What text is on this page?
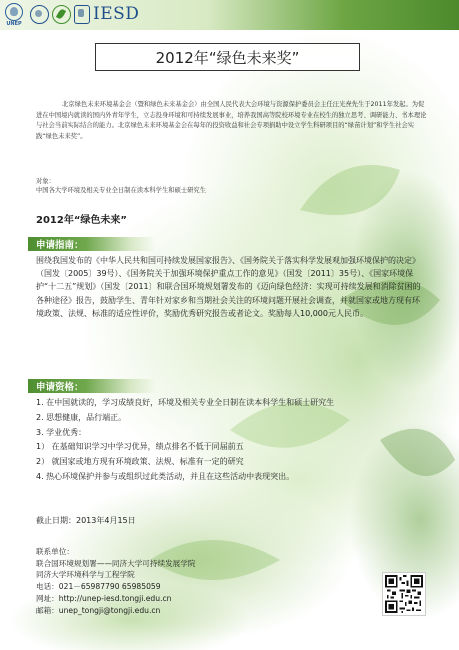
UNEP	IESD
2012年“绿色未来奖”
北京绿色未来环境基金会（暨和绿色未来基金会）由全国人民代表大会环境与资源保护委员会主任汪光焘先生于2011年发起。为促进在中国境内就读的国内外青年学生，立志投身环境和可持续发展事业，培养我国高等院校环境专业在校生的独立思考、调研能力、书本理论与社会当前实际结合的能力。北京绿色未来环境基金会在每年的投资收益和社会专项捐助中设立学生科研项目的“绿苗计划”和学生社会实践“绿色未来奖”。
对象：
中国各大学环境及相关专业全日制在读本科学生和硕士研究生
2012年“绿色未来”
申请指南：
围绕我国发布的《中华人民共和国可持续发展国家报告》、《国务院关于落实科学发展观加强环境保护的决定》（国发〔2005〕39号）、《国务院关于加强环境保护重点工作的意见》（国发〔2011〕35号）、《国家环境保护“十二五”规划》（国发〔2011〕和联合国环境规划署发布的《迈向绿色经济：实现可持续发展和消除贫困的各种途径》报告，鼓励学生、青年针对家乡和当期社会关注的环境问题开展社会调查，并就国家或地方现有环境政策、法规、标准的适应性评价，奖励优秀研究报告或者论文。奖励每人10,000元人民币。
申请资格：
1. 在中国就读的，学习成绩良好，环境及相关专业全日制在读本科学生和硕士研究生
2. 思想健康，品行端正。
3. 学业优秀：
1） 在基础知识学习中学习优异，绩点排名不低于同届前五
2） 就国家或地方现有环境政策、法规、标准有一定的研究
4. 热心环境保护并参与或组织过此类活动，并且在这些活动中表现突出。
截止日期：2013年4月15日
联系单位：
联合国环境规划署——同济大学可持续发展学院
同济大学环境科学与工程学院
电话：021－65987790 65985059
网址：http://unep-iesd.tongji.edu.cn
邮箱：unep_tongji@tongji.edu.cn
